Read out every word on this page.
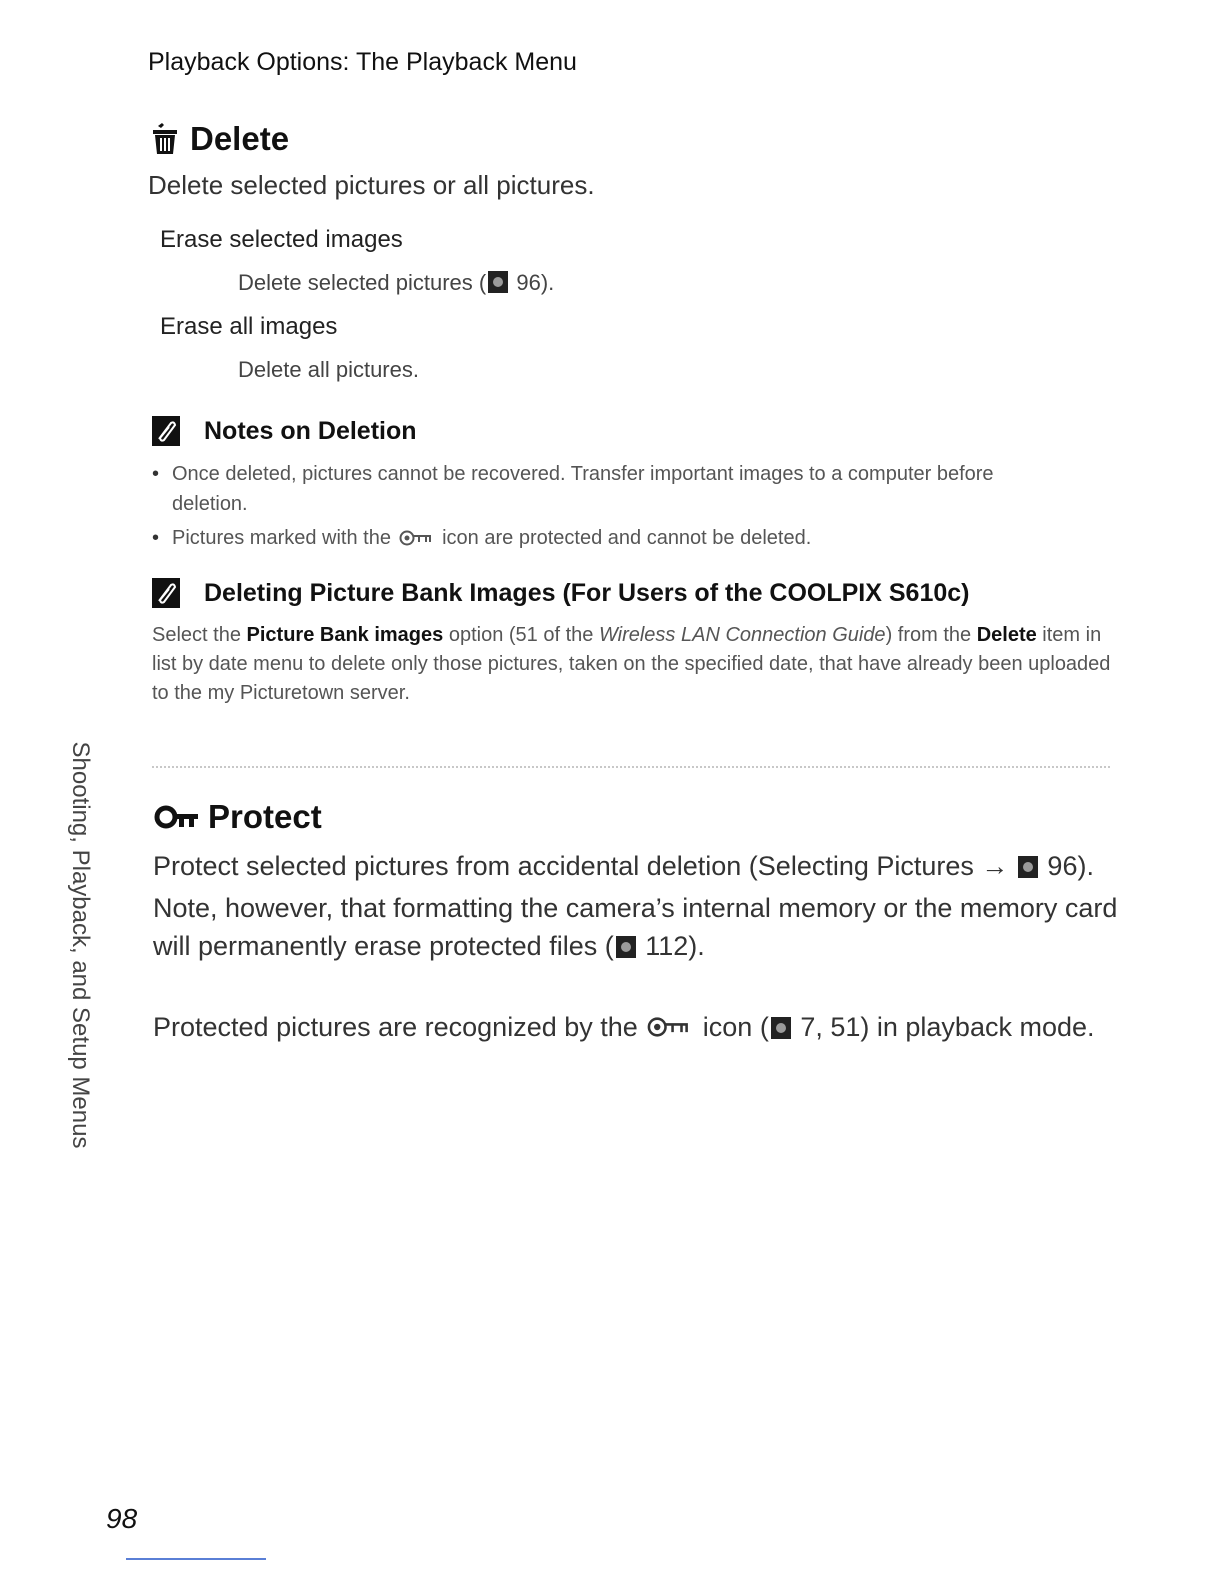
Playback Options: The Playback Menu
Delete
Delete selected pictures or all pictures.
Erase selected images
Delete selected pictures ( 96).
Erase all images
Delete all pictures.
Notes on Deletion
• Once deleted, pictures cannot be recovered. Transfer important images to a computer before deletion.
• Pictures marked with the	icon are protected and cannot be deleted.
Deleting Picture Bank Images (For Users of the COOLPIX S610c)
Select the Picture Bank images option (51 of the Wireless LAN Connection Guide) from the Delete item in list by date menu to delete only those pictures, taken on the specified date, that have already been uploaded to the my Picturetown server.
Protect
Protect selected pictures from accidental deletion (Selecting Pictures →  96).
Note, however, that formatting the camera’s internal memory or the memory card will permanently erase protected files ( 112).
Protected pictures are recognized by the  icon ( 7, 51) in playback mode.
Shooting, Playback, and Setup Menus
98
